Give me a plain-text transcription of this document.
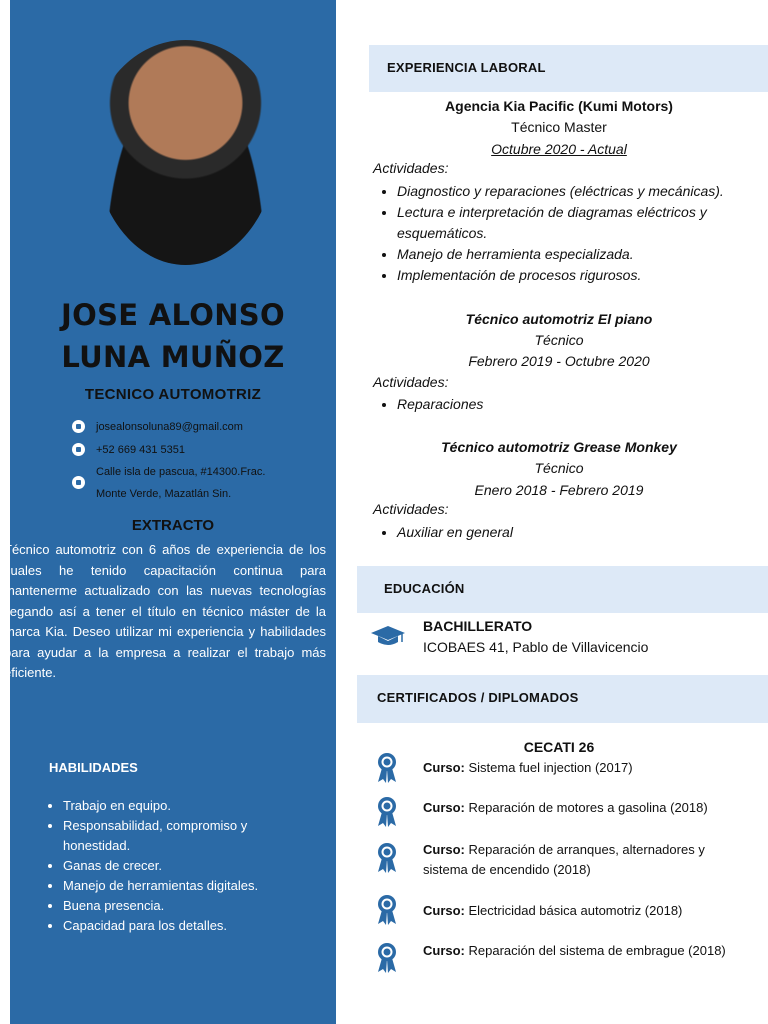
JOSE ALONSO
LUNA MUÑOZ
TECNICO AUTOMOTRIZ
josealonsoluna89@gmail.com
+52 669 431 5351
Calle isla de pascua, #14300.Frac.
Monte Verde, Mazatlán Sin.
EXTRACTO
Técnico automotriz con 6 años de experiencia de los cuales he tenido capacitación continua para mantenerme actualizado con las nuevas tecnologías llegando así a tener el título en técnico máster de la marca Kia. Deseo utilizar mi experiencia y habilidades para ayudar a la empresa a realizar el trabajo más eficiente.
HABILIDADES
• Trabajo en equipo.
• Responsabilidad, compromiso y honestidad.
• Ganas de crecer.
• Manejo de herramientas digitales.
• Buena presencia.
• Capacidad para los detalles.
EXPERIENCIA LABORAL
Agencia Kia Pacific (Kumi Motors)
Técnico Master
Octubre 2020 - Actual
Actividades:
• Diagnostico y reparaciones (eléctricas y mecánicas).
• Lectura e interpretación de diagramas eléctricos y esquemáticos.
• Manejo de herramienta especializada.
• Implementación de procesos rigurosos.
Técnico automotriz El piano
Técnico
Febrero 2019 - Octubre 2020
Actividades:
• Reparaciones
Técnico automotriz Grease Monkey
Técnico
Enero 2018 - Febrero 2019
Actividades:
• Auxiliar en general
EDUCACIÓN
BACHILLERATO
ICOBAES 41, Pablo de Villavicencio
CERTIFICADOS / DIPLOMADOS
CECATI 26
Curso: Sistema fuel injection (2017)
Curso: Reparación de motores a gasolina (2018)
Curso: Reparación de arranques, alternadores y sistema de encendido (2018)
Curso: Electricidad básica automotriz (2018)
Curso: Reparación del sistema de embrague (2018)
